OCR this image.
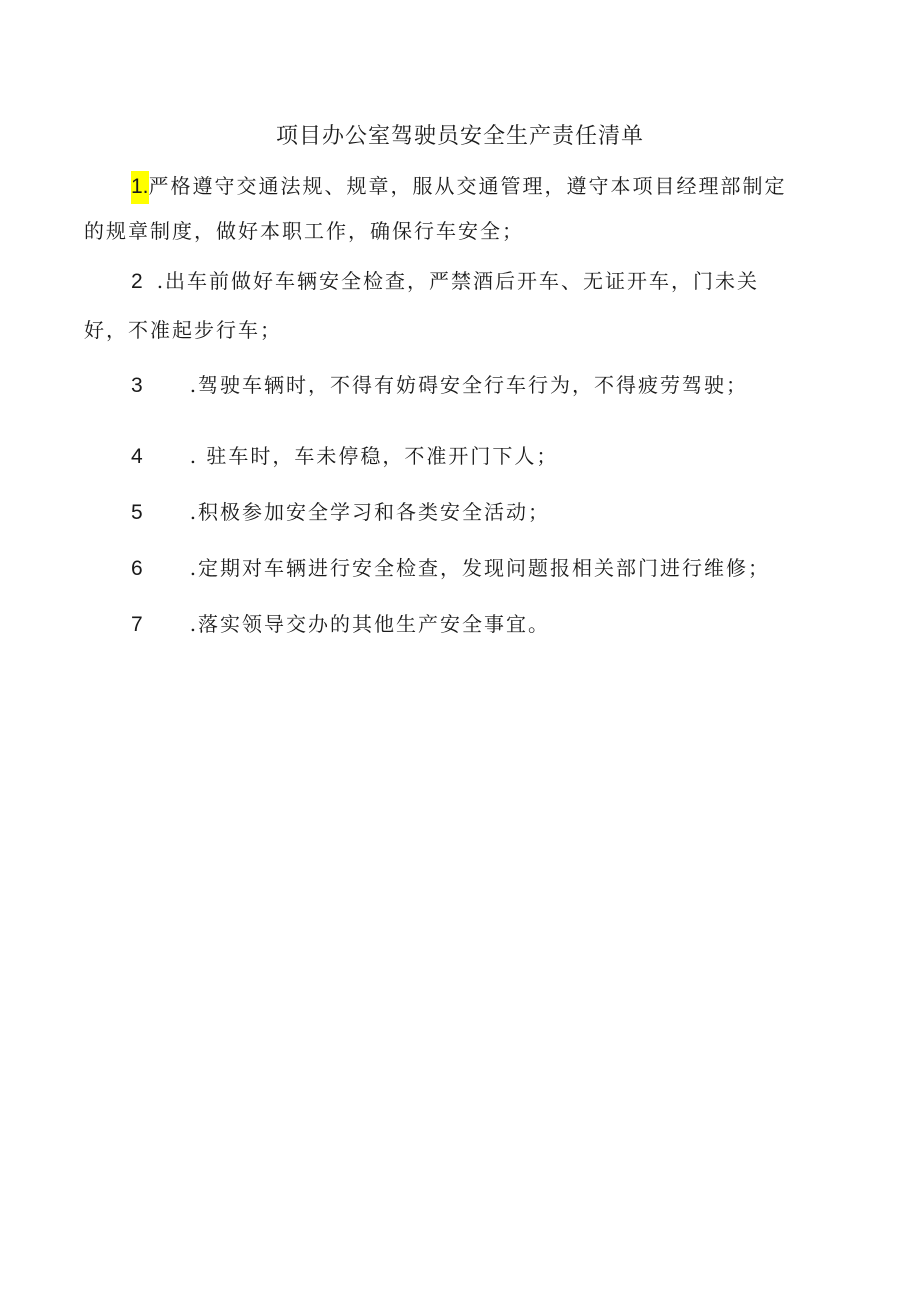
项目办公室驾驶员安全生产责任清单
1.严格遵守交通法规、规章，服从交通管理，遵守本项目经理部制定
的规章制度，做好本职工作，确保行车安全；
2 .出车前做好车辆安全检查，严禁酒后开车、无证开车，门未关
好，不准起步行车；
3 .驾驶车辆时，不得有妨碍安全行车行为，不得疲劳驾驶；
4 . 驻车时，车未停稳，不准开门下人；
5 .积极参加安全学习和各类安全活动；
6 .定期对车辆进行安全检查，发现问题报相关部门进行维修；
7 .落实领导交办的其他生产安全事宜。
